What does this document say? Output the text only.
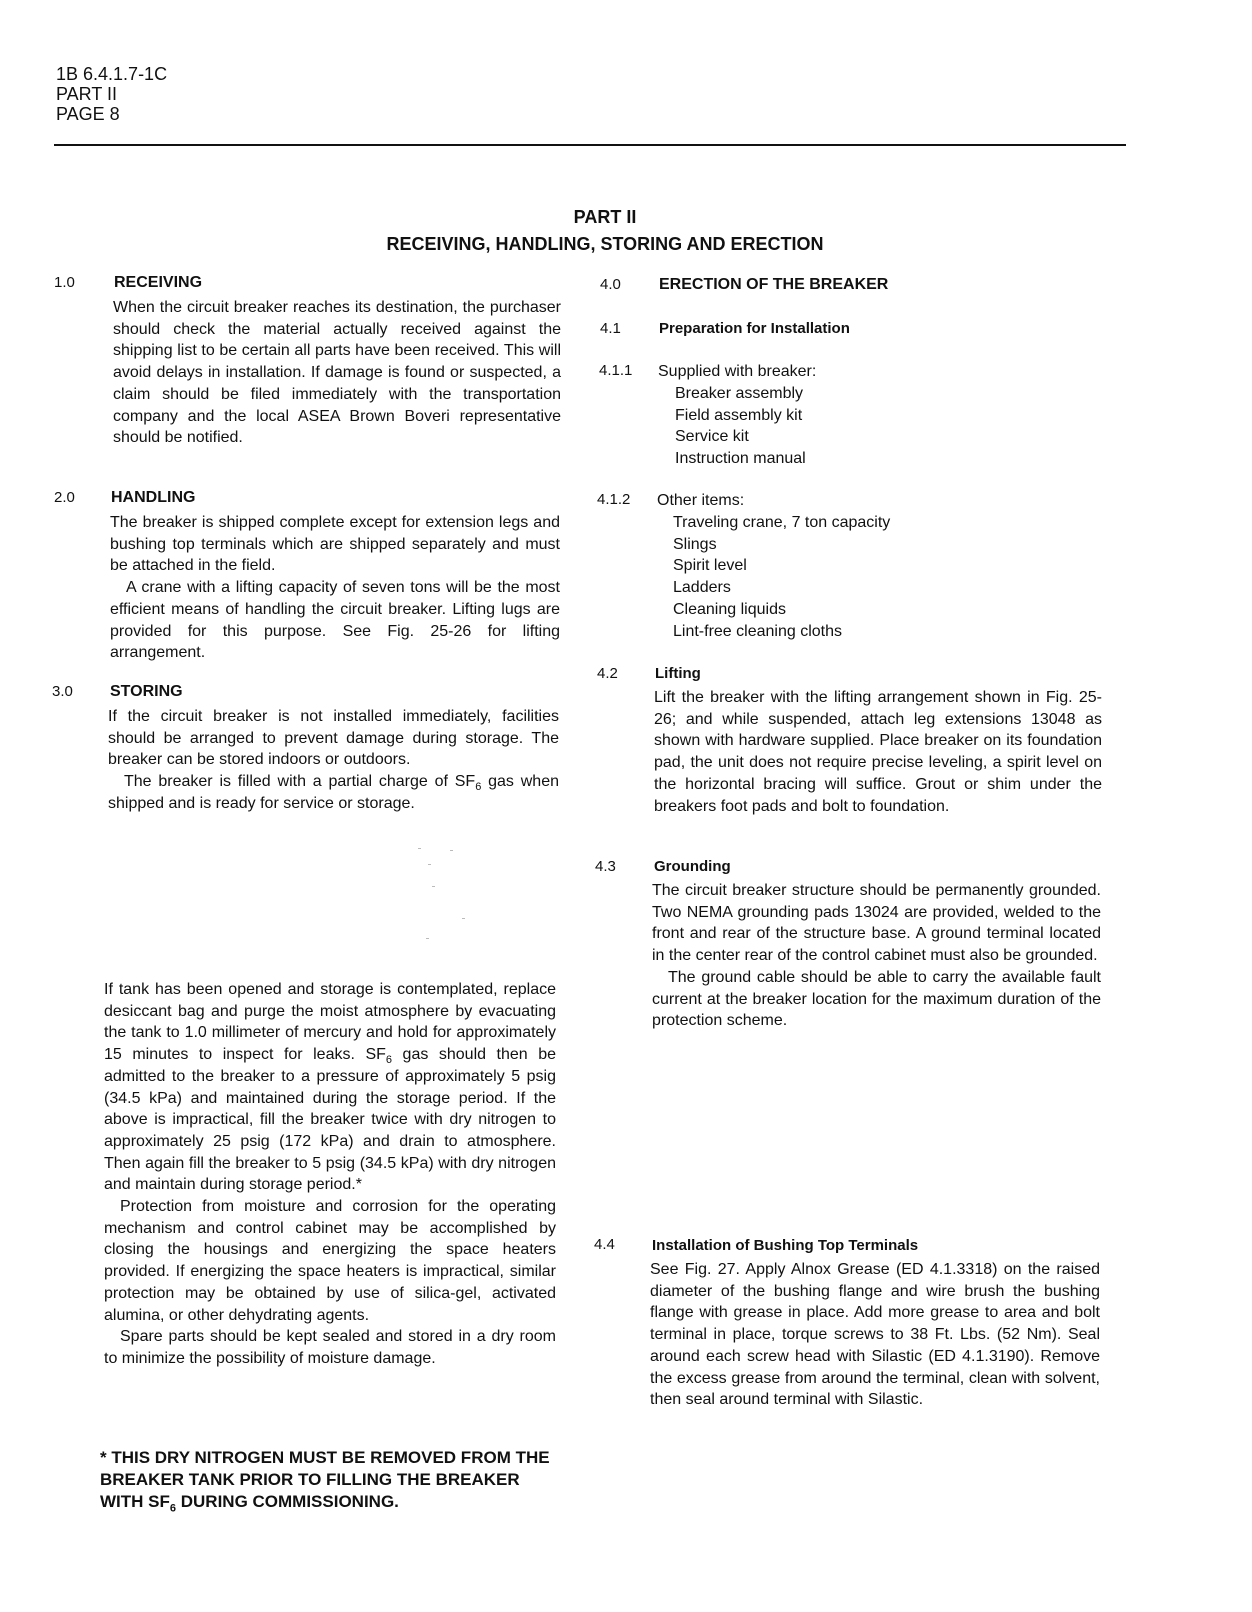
1B 6.4.1.7-1C
PART II
PAGE 8
PART II
RECEIVING, HANDLING, STORING AND ERECTION
1.0 RECEIVING

When the circuit breaker reaches its destination, the purchaser should check the material actually received against the shipping list to be certain all parts have been received. This will avoid delays in installation. If damage is found or suspected, a claim should be filed immediately with the transportation company and the local ASEA Brown Boveri representative should be notified.

2.0 HANDLING

The breaker is shipped complete except for extension legs and bushing top terminals which are shipped separately and must be attached in the field.

A crane with a lifting capacity of seven tons will be the most efficient means of handling the circuit breaker. Lifting lugs are provided for this purpose. See Fig. 25-26 for lifting arrangement.

3.0 STORING

If the circuit breaker is not installed immediately, facilities should be arranged to prevent damage during storage. The breaker can be stored indoors or outdoors.

The breaker is filled with a partial charge of $SF_6$ gas when shipped and is ready for service or storage.

If tank has been opened and storage is contemplated, replace desiccant bag and purge the moist atmosphere by evacuating the tank to 1.0 millimeter of mercury and hold for approximately 15 minutes to inspect for leaks. $SF_6$ gas should then be admitted to the breaker to a pressure of approximately 5 psig (34.5 kPa) and maintained during the storage period. If the above is impractical, fill the breaker twice with dry nitrogen to approximately 25 psig (172 kPa) and drain to atmosphere. Then again fill the breaker to 5 psig (34.5 kPa) with dry nitrogen and maintain during storage period.*

Protection from moisture and corrosion for the operating mechanism and control cabinet may be accomplished by closing the housings and energizing the space heaters provided. If energizing the space heaters is impractical, similar protection may be obtained by use of silica-gel, activated alumina, or other dehydrating agents.

Spare parts should be kept sealed and stored in a dry room to minimize the possibility of moisture damage.

* THIS DRY NITROGEN MUST BE REMOVED FROM THE BREAKER TANK PRIOR TO FILLING THE BREAKER WITH $SF_6$ DURING COMMISSIONING.
4.0 ERECTION OF THE BREAKER
4.1	Preparation for Installation
4.1.1 Supplied with breaker:
Breaker assembly
Field assembly kit
Service kit
Instruction manual
4.1.2 Other items:
Traveling crane, 7 ton capacity
Slings
Spirit level
Ladders
Cleaning liquids
Lint-free cleaning cloths
4.2 Lifting

Lift the breaker with the lifting arrangement shown in Fig. 25-26; and while suspended, attach leg extensions 13048 as shown with hardware supplied. Place breaker on its foundation pad, the unit does not require precise leveling, a spirit level on the horizontal bracing will suffice. Grout or shim under the breakers foot pads and bolt to foundation.

4.3	Grounding

The circuit breaker structure should be permanently grounded. Two NEMA grounding pads 13024 are provided, welded to the front and rear of the structure base. A ground terminal located in the center rear of the control cabinet must also be grounded.

The ground cable should be able to carry the available fault current at the breaker location for the maximum duration of the protection scheme.

4.4 Installation of Bushing Top Terminals

See Fig. 27. Apply Alnox Grease (ED 4.1.3318) on the raised diameter of the bushing flange and wire brush the bushing flange with grease in place. Add more grease to area and bolt terminal in place, torque screws to 38 Ft. Lbs. (52 Nm). Seal around each screw head with Silastic (ED 4.1.3190). Remove the excess grease from around the terminal, clean with solvent, then seal around terminal with Silastic.
